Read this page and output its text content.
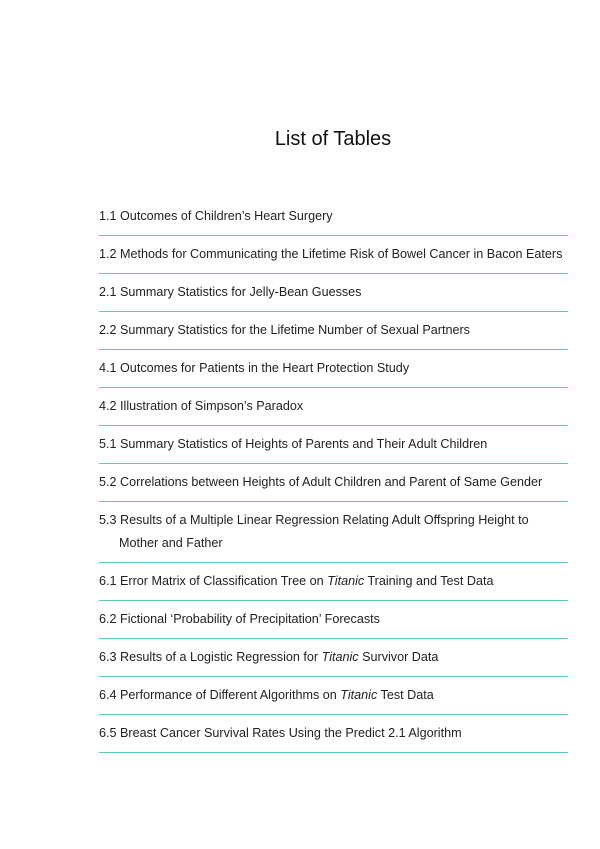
List of Tables
1.1 Outcomes of Children’s Heart Surgery
1.2 Methods for Communicating the Lifetime Risk of Bowel Cancer in Bacon Eaters
2.1 Summary Statistics for Jelly-Bean Guesses
2.2 Summary Statistics for the Lifetime Number of Sexual Partners
4.1 Outcomes for Patients in the Heart Protection Study
4.2 Illustration of Simpson’s Paradox
5.1 Summary Statistics of Heights of Parents and Their Adult Children
5.2 Correlations between Heights of Adult Children and Parent of Same Gender
5.3 Results of a Multiple Linear Regression Relating Adult Offspring Height to
Mother and Father
6.1 Error Matrix of Classification Tree on Titanic Training and Test Data
6.2 Fictional ‘Probability of Precipitation’ Forecasts
6.3 Results of a Logistic Regression for Titanic Survivor Data
6.4 Performance of Different Algorithms on Titanic Test Data
6.5 Breast Cancer Survival Rates Using the Predict 2.1 Algorithm
